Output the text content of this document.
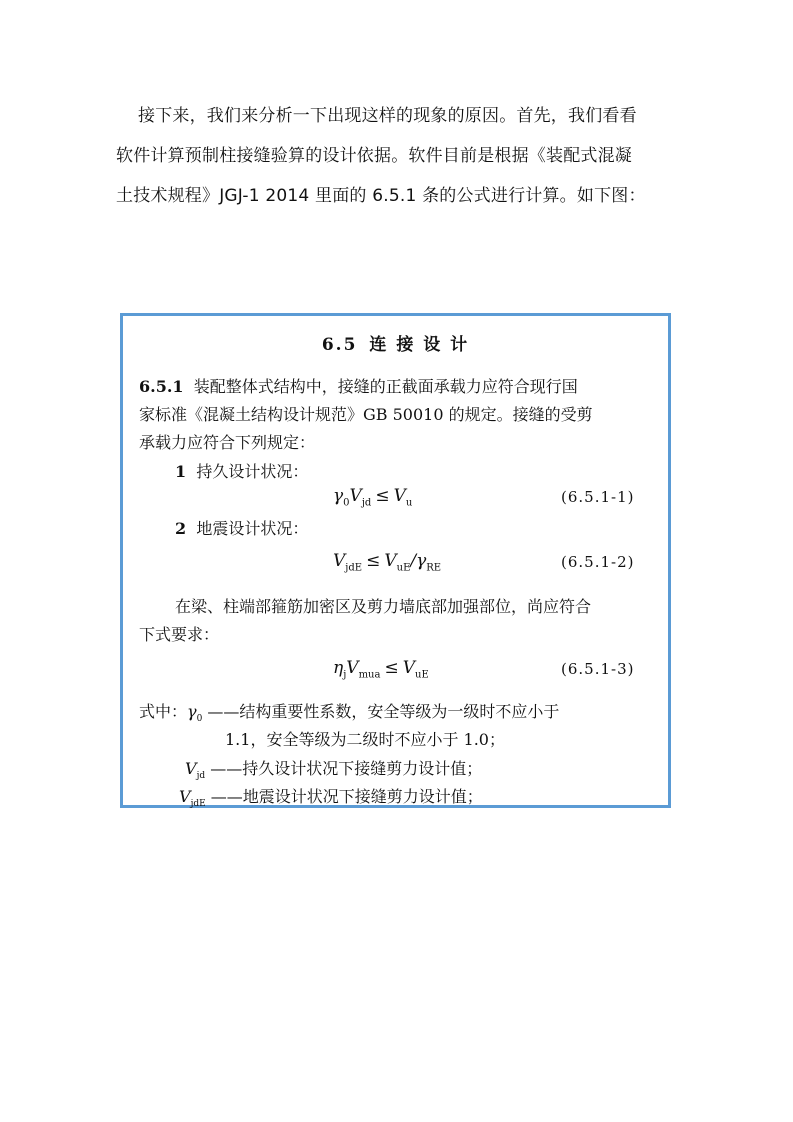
接下来，我们来分析一下出现这样的现象的原因。首先，我们看看

软件计算预制柱接缝验算的设计依据。软件目前是根据《装配式混凝

土技术规程》JGJ-1 2014 里面的 6.5.1 条的公式进行计算。如下图：

6.5 连 接 设 计
6.5.1 装配整体式结构中，接缝的正截面承载力应符合现行国
家标准《混凝土结构设计规范》GB 50010 的规定。接缝的受剪
承载力应符合下列规定：
1 持久设计状况：
$\gamma_0V_{jd} \le V_u$	(6.5.1-1)
2 地震设计状况：
$V_{jdE} \le V_{uE}/\gamma_{RE}$	(6.5.1-2)
在梁、柱端部箍筋加密区及剪力墙底部加强部位，尚应符合
下式要求：
$\eta_jV_{mua} \le V_{uE}$	(6.5.1-3)
式中：$\gamma_0$ ——结构重要性系数，安全等级为一级时不应小于
1.1，安全等级为二级时不应小于 1.0；
$V_{jd}$ ——持久设计状况下接缝剪力设计值；
$V_{jdE}$ ——地震设计状况下接缝剪力设计值；
